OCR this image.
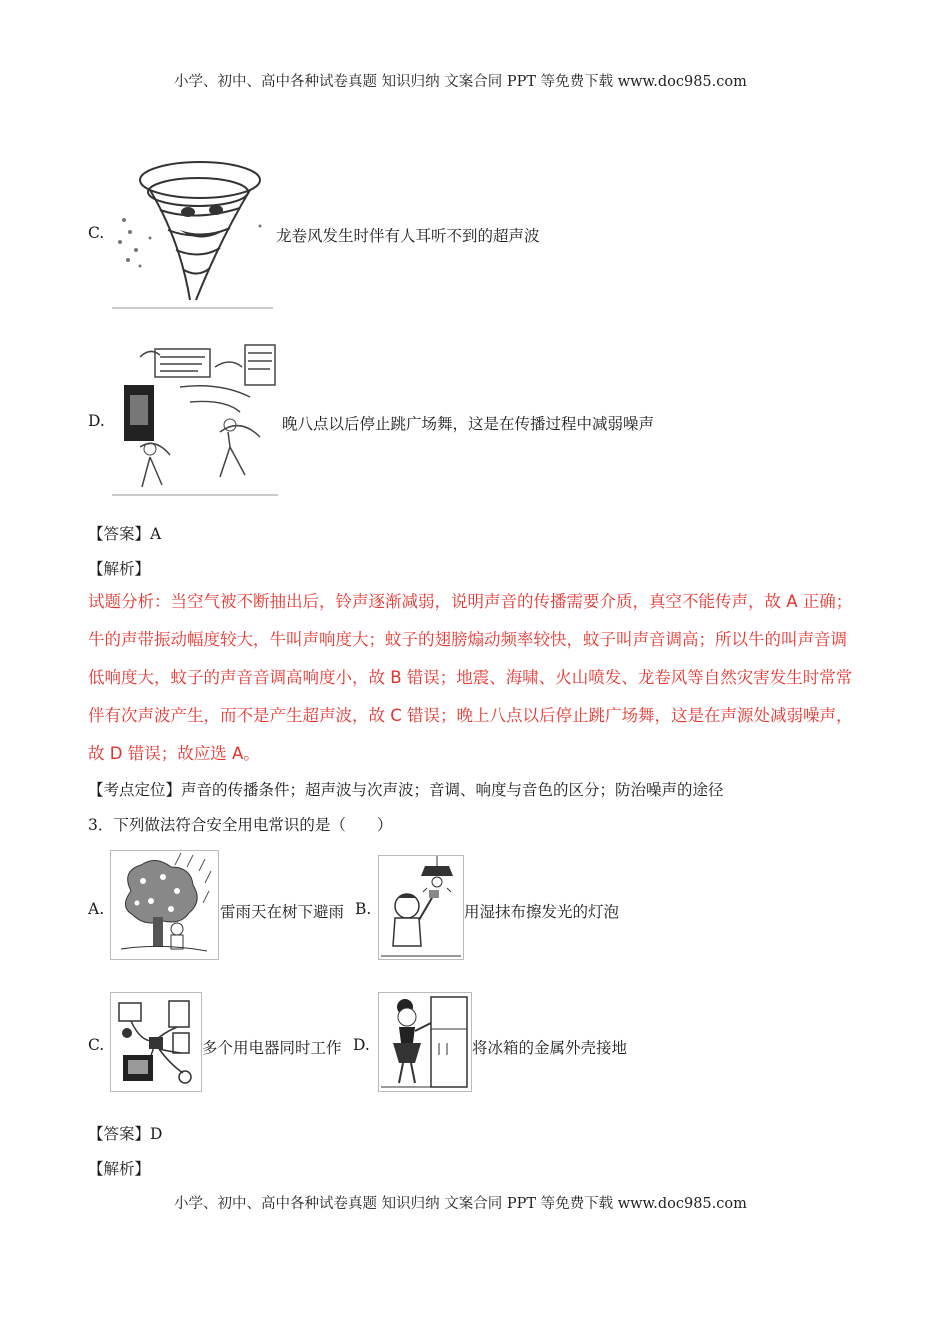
小学、初中、高中各种试卷真题 知识归纳 文案合同 PPT 等免费下载 www.doc985.com
C.	龙卷风发生时伴有人耳听不到的超声波
D.	晚八点以后停止跳广场舞，这是在传播过程中减弱噪声
【答案】A
【解析】
试题分析：当空气被不断抽出后，铃声逐渐减弱，说明声音的传播需要介质，真空不能传声，故 A 正确；
牛的声带振动幅度较大，牛叫声响度大；蚊子的翅膀煽动频率较快，蚊子叫声音调高；所以牛的叫声音调
低响度大，蚊子的声音音调高响度小，故 B 错误；地震、海啸、火山喷发、龙卷风等自然灾害发生时常常
伴有次声波产生，而不是产生超声波，故 C 错误；晚上八点以后停止跳广场舞，这是在声源处减弱噪声，
故 D 错误；故应选 A。
【考点定位】声音的传播条件；超声波与次声波；音调、响度与音色的区分；防治噪声的途径
3．下列做法符合安全用电常识的是（　　）
A.	雷雨天在树下避雨 B.	用湿抹布擦发光的灯泡
C.	多个用电器同时工作 D.	将冰箱的金属外壳接地
【答案】D
【解析】
小学、初中、高中各种试卷真题 知识归纳 文案合同 PPT 等免费下载 www.doc985.com
